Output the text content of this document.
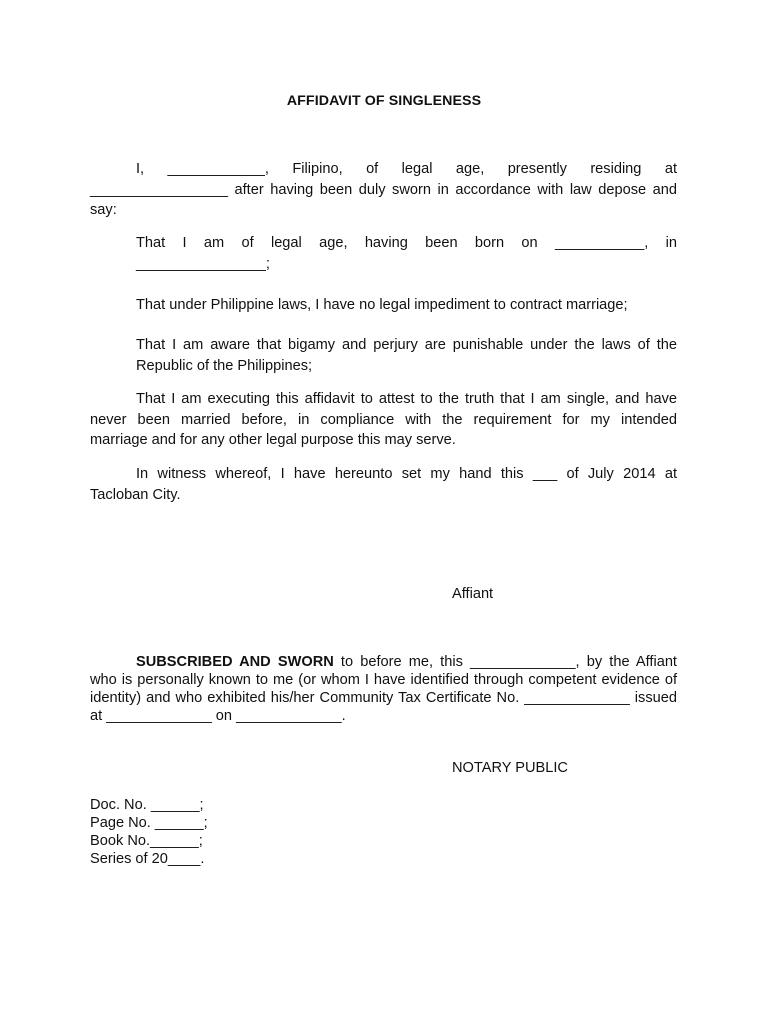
AFFIDAVIT OF SINGLENESS
I,    ____________,    Filipino,    of    legal    age,    presently    residing    at
_________________ after having been duly sworn in accordance with law depose and
say:
That   I   am   of   legal   age,   having   been   born   on   ___________,   in
________________;
That under Philippine laws, I have no legal impediment to contract marriage;
That I am aware that bigamy and perjury are punishable under the laws of the
Republic of the Philippines;
That I am executing this affidavit to attest to the truth that I am single, and have
never been married before, in compliance with the requirement for my intended
marriage and for any other legal purpose this may serve.
In witness whereof, I have hereunto set my hand this ___ of July 2014 at
Tacloban City.
Affiant
SUBSCRIBED AND SWORN to before me, this _____________, by the Affiant
who is personally known to me (or whom I have identified through competent evidence of
identity) and who exhibited his/her Community Tax Certificate No. _____________ issued
at _____________ on _____________.
NOTARY PUBLIC
Doc. No. ______;
Page No. ______;
Book No.______;
Series of 20____.
